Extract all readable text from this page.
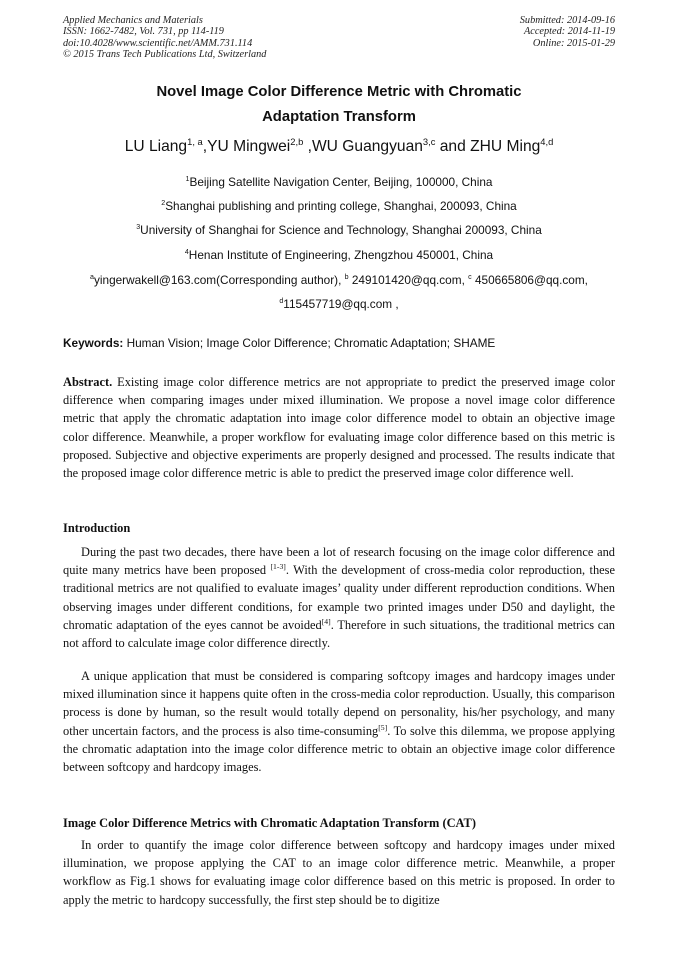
Applied Mechanics and Materials
ISSN: 1662-7482, Vol. 731, pp 114-119
doi:10.4028/www.scientific.net/AMM.731.114
© 2015 Trans Tech Publications Ltd, Switzerland
Submitted: 2014-09-16
Accepted: 2014-11-19
Online: 2015-01-29
Novel Image Color Difference Metric with Chromatic
Adaptation Transform
LU Liang$^{1, a}$,YU Mingwei$^{2,b}$ ,WU Guangyuan$^{3,c}$ and ZHU Ming$^{4,d}$
$^1$Beijing Satellite Navigation Center, Beijing, 100000, China
$^2$Shanghai publishing and printing college, Shanghai, 200093, China
$^3$University of Shanghai for Science and Technology, Shanghai 200093, China
$^4$Henan Institute of Engineering, Zhengzhou 450001, China
$^a$yingerwakell@163.com(Corresponding author), $^b$ 249101420@qq.com, $^c$ 450665806@qq.com,
$^d$115457719@qq.com ,
Keywords: Human Vision; Image Color Difference; Chromatic Adaptation; SHAME
Abstract. Existing image color difference metrics are not appropriate to predict the preserved image color difference when comparing images under mixed illumination. We propose a novel image color difference metric that apply the chromatic adaptation into image color difference model to obtain an objective image color difference. Meanwhile, a proper workflow for evaluating image color difference based on this metric is proposed. Subjective and objective experiments are properly designed and processed. The results indicate that the proposed image color difference metric is able to predict the preserved image color difference well.
Introduction
During the past two decades, there have been a lot of research focusing on the image color difference and quite many metrics have been proposed [1-3]. With the development of cross-media color reproduction, these traditional metrics are not qualified to evaluate images’ quality under different reproduction conditions. When observing images under different conditions, for example two printed images under D50 and daylight, the chromatic adaptation of the eyes cannot be avoided[4]. Therefore in such situations, the traditional metrics can not afford to calculate image color difference directly.
A unique application that must be considered is comparing softcopy images and hardcopy images under mixed illumination since it happens quite often in the cross-media color reproduction. Usually, this comparison process is done by human, so the result would totally depend on personality, his/her psychology, and many other uncertain factors, and the process is also time-consuming[5]. To solve this dilemma, we propose applying the chromatic adaptation into the image color difference metric to obtain an objective image color difference between softcopy and hardcopy images.
Image Color Difference Metrics with Chromatic Adaptation Transform (CAT)
In order to quantify the image color difference between softcopy and hardcopy images under mixed illumination, we propose applying the CAT to an image color difference metric. Meanwhile, a proper workflow as Fig.1 shows for evaluating image color difference based on this metric is proposed. In order to apply the metric to hardcopy successfully, the first step should be to digitize
